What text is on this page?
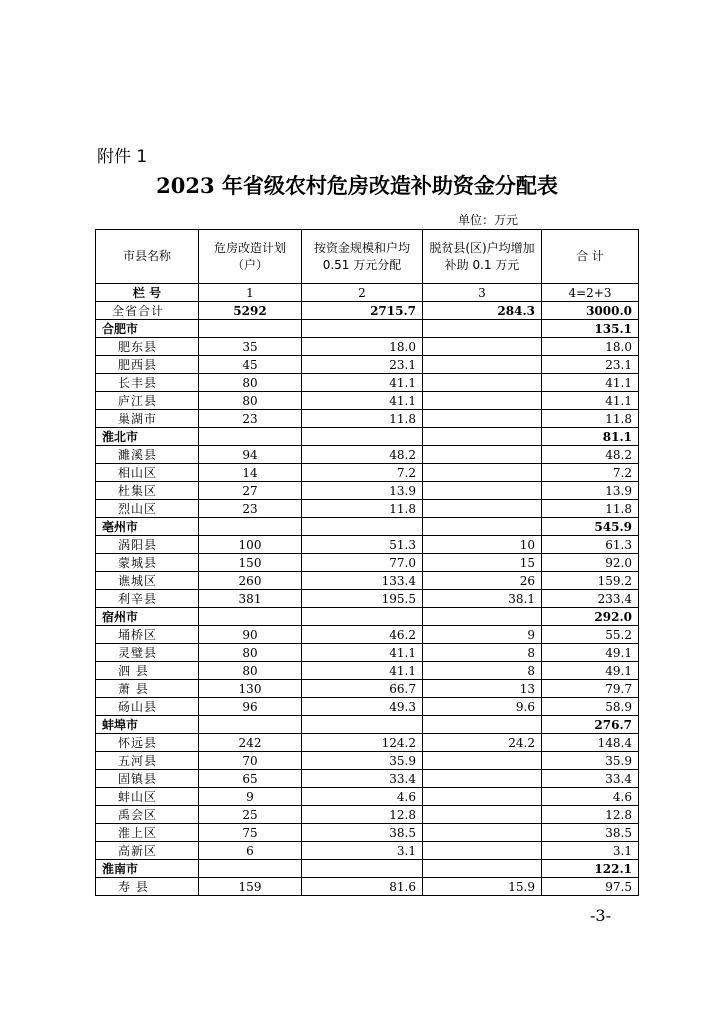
附件 1
2023 年省级农村危房改造补助资金分配表
单位：万元
市县名称	危房改造计划（户）	按资金规模和户均 0.51 万元分配	脱贫县(区)户均增加补助 0.1 万元	合 计
栏 号	1	2	3	4=2+3
全省合计	5292	2715.7	284.3	3000.0
合肥市				135.1
肥东县	35	18.0		18.0
肥西县	45	23.1		23.1
长丰县	80	41.1		41.1
庐江县	80	41.1		41.1
巢湖市	23	11.8		11.8
淮北市				81.1
濉溪县	94	48.2		48.2
相山区	14	7.2		7.2
杜集区	27	13.9		13.9
烈山区	23	11.8		11.8
亳州市				545.9
涡阳县	100	51.3	10	61.3
蒙城县	150	77.0	15	92.0
谯城区	260	133.4	26	159.2
利辛县	381	195.5	38.1	233.4
宿州市				292.0
埇桥区	90	46.2	9	55.2
灵璧县	80	41.1	8	49.1
泗 县	80	41.1	8	49.1
萧 县	130	66.7	13	79.7
砀山县	96	49.3	9.6	58.9
蚌埠市				276.7
怀远县	242	124.2	24.2	148.4
五河县	70	35.9		35.9
固镇县	65	33.4		33.4
蚌山区	9	4.6		4.6
禹会区	25	12.8		12.8
淮上区	75	38.5		38.5
高新区	6	3.1		3.1
淮南市				122.1
寿 县	159	81.6	15.9	97.5
-3-
